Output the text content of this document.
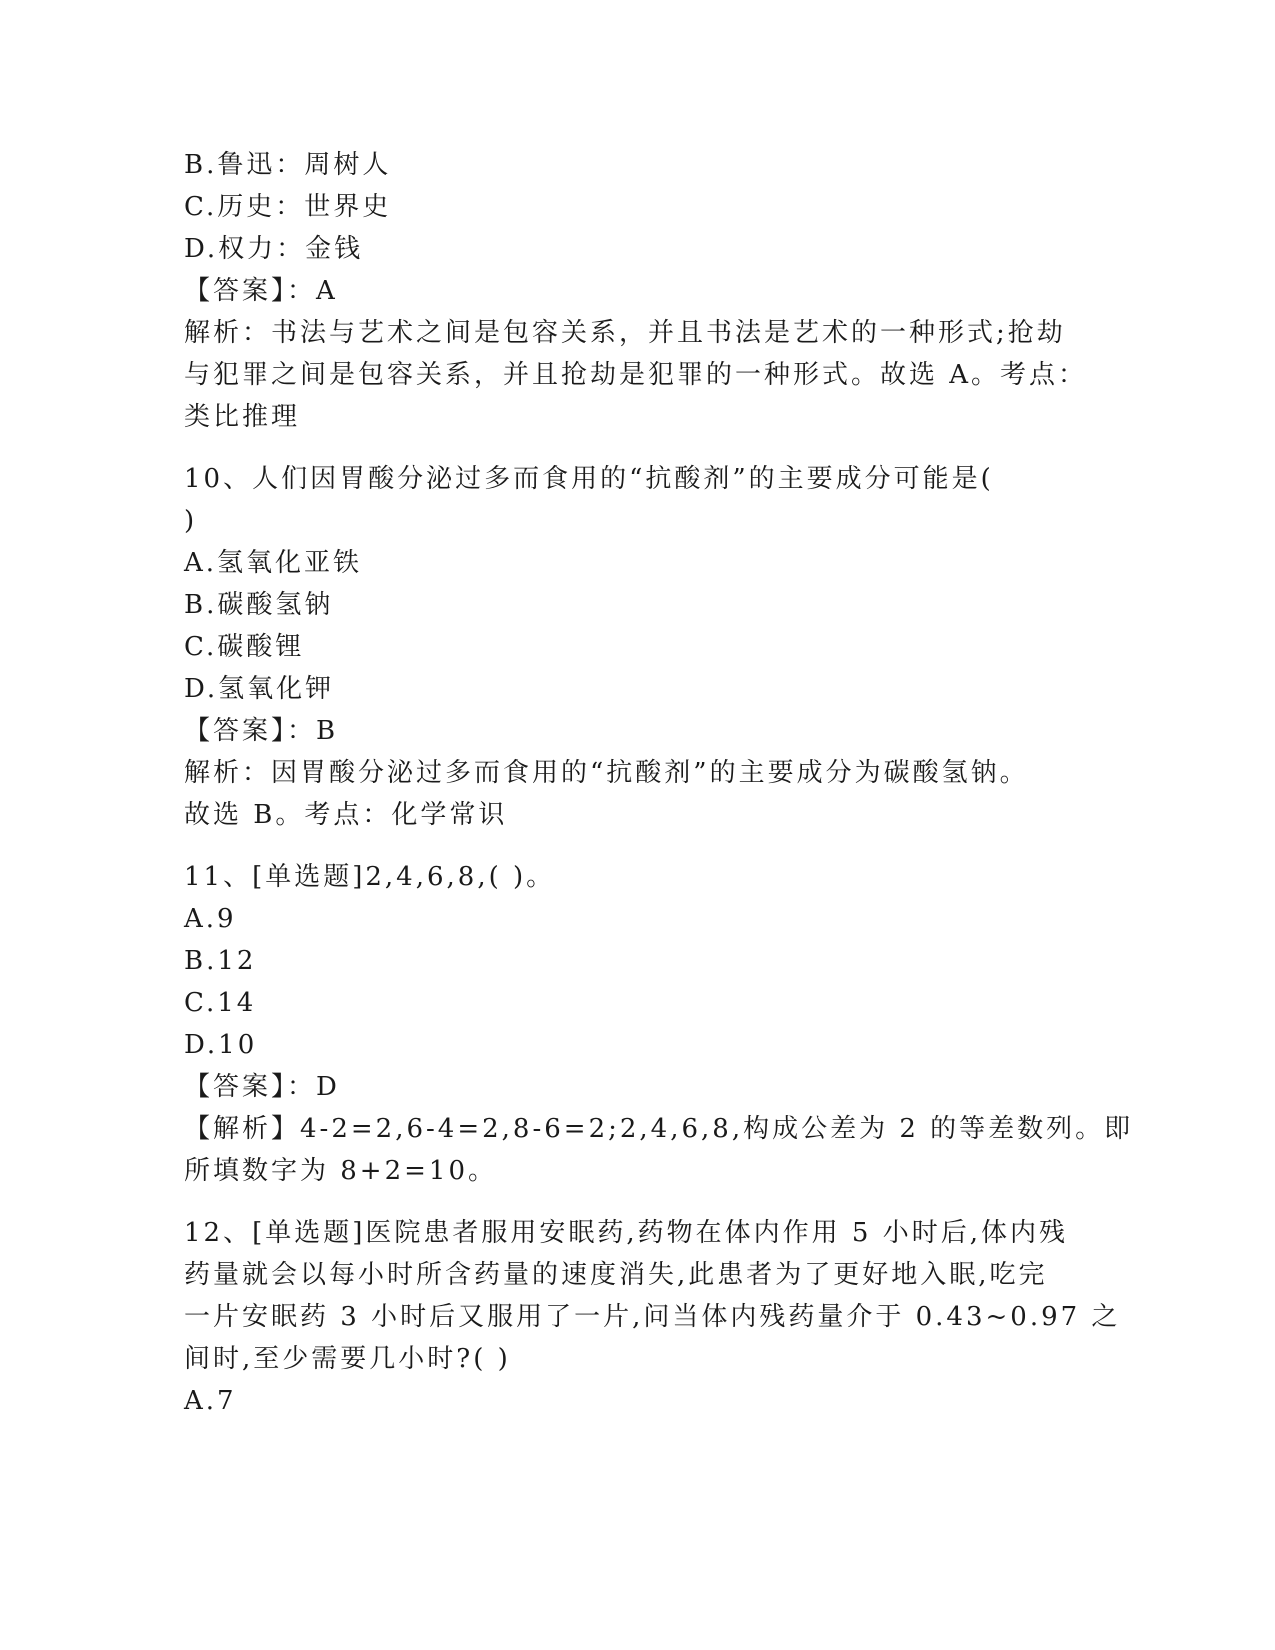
B.鲁迅：周树人
C.历史：世界史
D.权力：金钱
【答案】：A
解析：书法与艺术之间是包容关系，并且书法是艺术的一种形式;抢劫
与犯罪之间是包容关系，并且抢劫是犯罪的一种形式。故选 A。考点：
类比推理
10、人们因胃酸分泌过多而食用的“抗酸剂”的主要成分可能是(
)
A.氢氧化亚铁
B.碳酸氢钠
C.碳酸锂
D.氢氧化钾
【答案】：B
解析：因胃酸分泌过多而食用的“抗酸剂”的主要成分为碳酸氢钠。
故选 B。考点：化学常识
11、[单选题]2,4,6,8,( )。
A.9
B.12
C.14
D.10
【答案】：D
【解析】4-2=2,6-4=2,8-6=2;2,4,6,8,构成公差为 2 的等差数列。即
所填数字为 8+2=10。
12、[单选题]医院患者服用安眠药,药物在体内作用 5 小时后,体内残
药量就会以每小时所含药量的速度消失,此患者为了更好地入眠,吃完
一片安眠药 3 小时后又服用了一片,问当体内残药量介于 0.43~0.97 之
间时,至少需要几小时?( )
A.7
